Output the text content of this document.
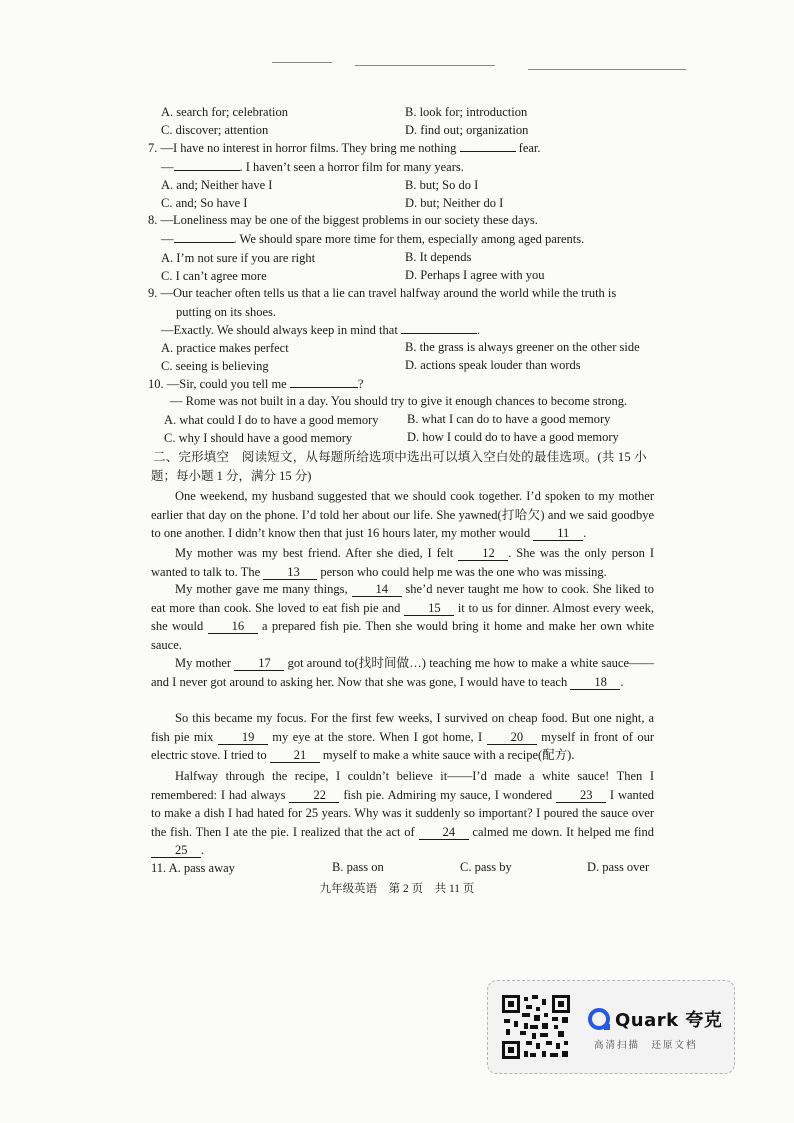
A. search for; celebration	B. look for; introduction
C. discover; attention	D. find out; organization
7. —I have no interest in horror films. They bring me nothing	fear.
—	. I haven’t seen a horror film for many years.
A. and; Neither have I	B. but; So do I
C. and; So have I	D. but; Neither do I
8. —Loneliness may be one of the biggest problems in our society these days.
—	. We should spare more time for them, especially among aged parents.
A. I’m not sure if you are right	B. It depends
C. I can’t agree more	D. Perhaps I agree with you
9. —Our teacher often tells us that a lie can travel halfway around the world while the truth is
putting on its shoes.
—Exactly. We should always keep in mind that	.
A. practice makes perfect	B. the grass is always greener on the other side
C. seeing is believing	D. actions speak louder than words
10. —Sir, could you tell me	?
— Rome was not built in a day. You should try to give it enough chances to become strong.
A. what could I do to have a good memory B. what I can do to have a good memory
C. why I should have a good memory	D. how I could do to have a good memory
二、完形填空　阅读短文，从每题所给选项中选出可以填入空白处的最佳选项。(共 15 小
题；每小题 1 分，满分 15 分)
One weekend, my husband suggested that we should cook together. I’d spoken to my mother earlier that day on the phone. I’d told her about our life. She yawned(打哈欠) and we said goodbye to one another. I didn’t know then that just 16 hours later, my mother would 11 .
My mother was my best friend. After she died, I felt 12 . She was the only person I wanted to talk to. The 13 person who could help me was the one who was missing.
My mother gave me many things, 14 she’d never taught me how to cook. She liked to eat more than cook. She loved to eat fish pie and 15 it to us for dinner. Almost every week, she would 16 a prepared fish pie. Then she would bring it home and make her own white sauce.
My mother 17 got around to(找时间做…) teaching me how to make a white sauce——and I never got around to asking her. Now that she was gone, I would have to teach 18 .
So this became my focus. For the first few weeks, I survived on cheap food. But one night, a fish pie mix 19 my eye at the store. When I got home, I 20 myself in front of our electric stove. I tried to 21 myself to make a white sauce with a recipe(配方).
Halfway through the recipe, I couldn’t believe it——I’d made a white sauce! Then I remembered: I had always 22 fish pie. Admiring my sauce, I wondered 23 I wanted to make a dish I had hated for 25 years. Why was it suddenly so important? I poured the sauce over the fish. Then I ate the pie. I realized that the act of 24 calmed me down. It helped me find 25 .
11. A. pass away	B. pass on	C. pass by	D. pass over
九年级英语　第 2 页　共 11 页
Quark 夸克
高清扫描　还原文档
